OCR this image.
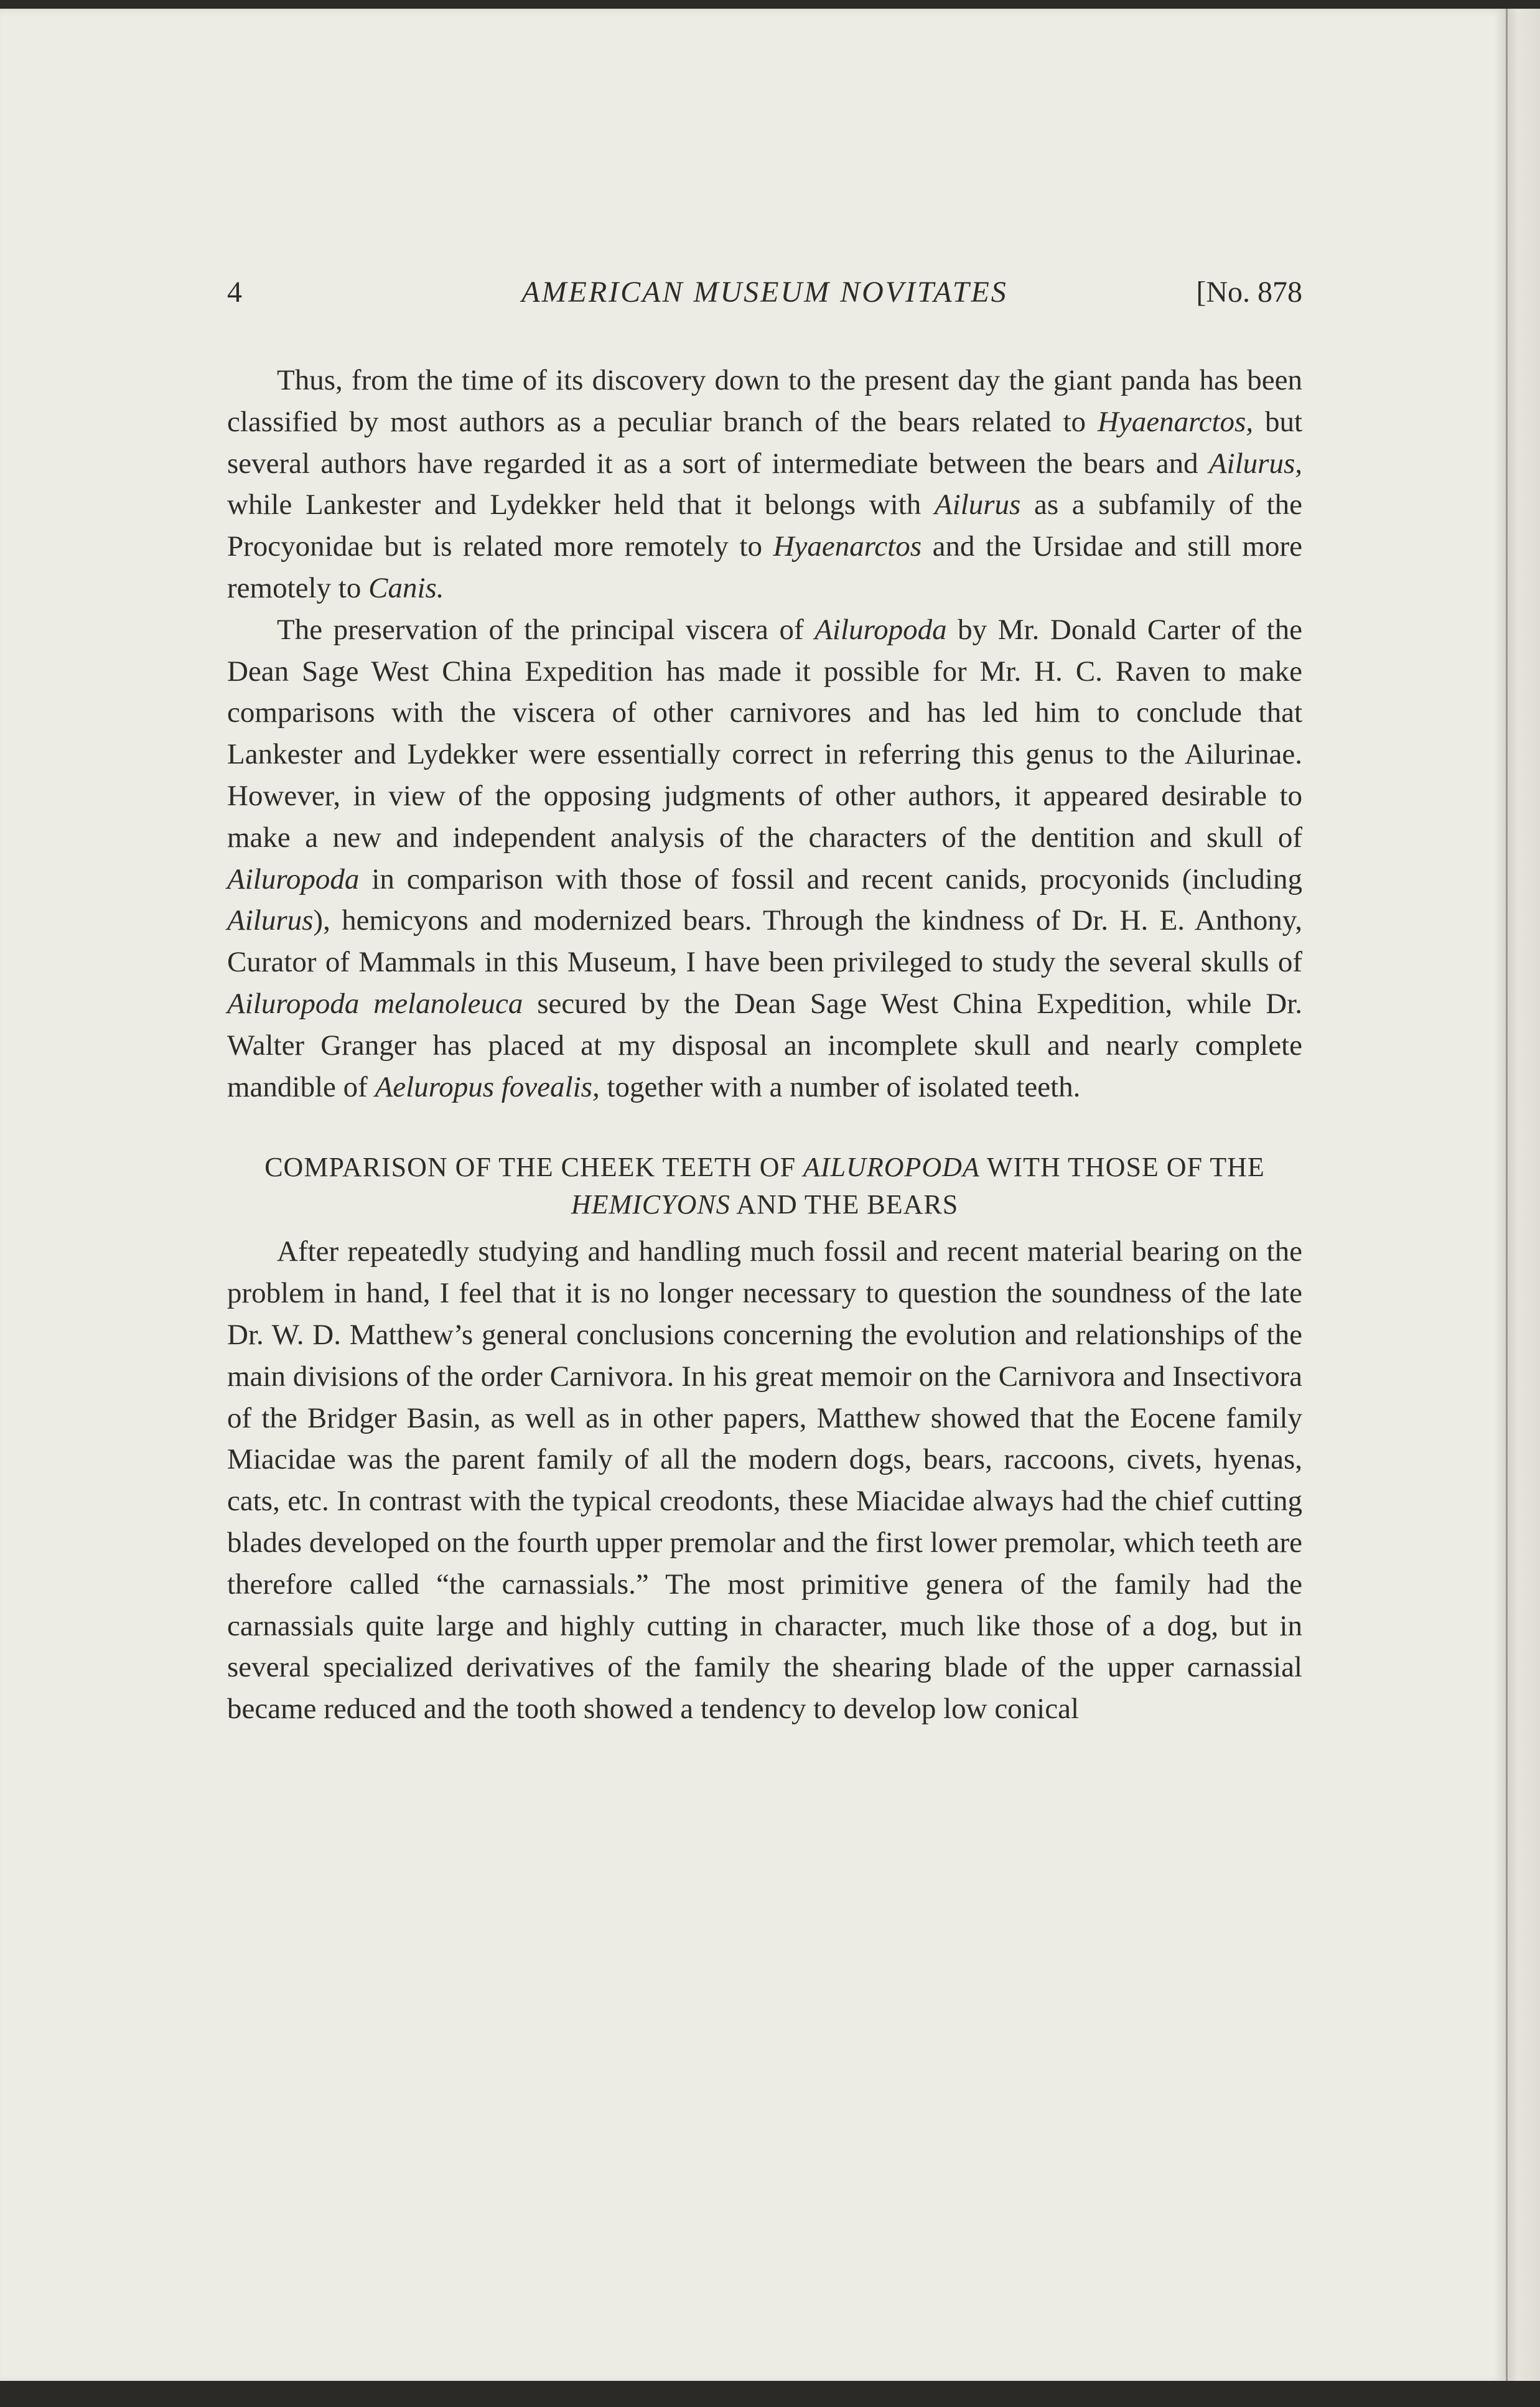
4	AMERICAN MUSEUM NOVITATES	[No. 878

Thus, from the time of its discovery down to the present day the giant panda has been classified by most authors as a peculiar branch of the bears related to Hyaenarctos, but several authors have regarded it as a sort of intermediate between the bears and Ailurus, while Lankester and Lydekker held that it belongs with Ailurus as a subfamily of the Procyonidae but is related more remotely to Hyaenarctos and the Ursidae and still more remotely to Canis.

The preservation of the principal viscera of Ailuropoda by Mr. Donald Carter of the Dean Sage West China Expedition has made it possible for Mr. H. C. Raven to make comparisons with the viscera of other carnivores and has led him to conclude that Lankester and Lydekker were essentially correct in referring this genus to the Ailurinae. However, in view of the opposing judgments of other authors, it appeared desirable to make a new and independent analysis of the characters of the dentition and skull of Ailuropoda in comparison with those of fossil and recent canids, procyonids (including Ailurus), hemicyons and modernized bears. Through the kindness of Dr. H. E. Anthony, Curator of Mammals in this Museum, I have been privileged to study the several skulls of Ailuropoda melanoleuca secured by the Dean Sage West China Expedition, while Dr. Walter Granger has placed at my disposal an incomplete skull and nearly complete mandible of Aeluropus fovealis, together with a number of isolated teeth.

COMPARISON OF THE CHEEK TEETH OF AILUROPODA WITH THOSE OF THE HEMICYONS AND THE BEARS

After repeatedly studying and handling much fossil and recent material bearing on the problem in hand, I feel that it is no longer necessary to question the soundness of the late Dr. W. D. Matthew’s general conclusions concerning the evolution and relationships of the main divisions of the order Carnivora. In his great memoir on the Carnivora and Insectivora of the Bridger Basin, as well as in other papers, Matthew showed that the Eocene family Miacidae was the parent family of all the modern dogs, bears, raccoons, civets, hyenas, cats, etc. In contrast with the typical creodonts, these Miacidae always had the chief cutting blades developed on the fourth upper premolar and the first lower premolar, which teeth are therefore called “the carnassials.” The most primitive genera of the family had the carnassials quite large and highly cutting in character, much like those of a dog, but in several specialized derivatives of the family the shearing blade of the upper carnassial became reduced and the tooth showed a tendency to develop low conical
